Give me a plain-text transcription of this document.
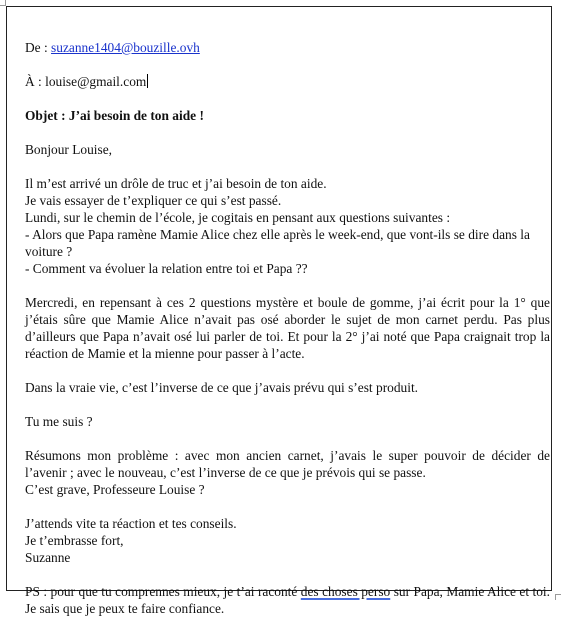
De : suzanne1404@bouzille.ovh

À : louise@gmail.com

Objet : J’ai besoin de ton aide !

Bonjour Louise,

Il m’est arrivé un drôle de truc et j’ai besoin de ton aide.
Je vais essayer de t’expliquer ce qui s’est passé.
Lundi, sur le chemin de l’école, je cogitais en pensant aux questions suivantes :
- Alors que Papa ramène Mamie Alice chez elle après le week-end, que vont-ils se dire dans la voiture ?
- Comment va évoluer la relation entre toi et Papa ??

Mercredi, en repensant à ces 2 questions mystère et boule de gomme, j’ai écrit pour la 1° que j’étais sûre que Mamie Alice n’avait pas osé aborder le sujet de mon carnet perdu. Pas plus d’ailleurs que Papa n’avait osé lui parler de toi. Et pour la 2° j’ai noté que Papa craignait trop la réaction de Mamie et la mienne pour passer à l’acte.

Dans la vraie vie, c’est l’inverse de ce que j’avais prévu qui s’est produit.

Tu me suis ?

Résumons mon problème : avec mon ancien carnet, j’avais le super pouvoir de décider de l’avenir ; avec le nouveau, c’est l’inverse de ce que je prévois qui se passe.
C’est grave, Professeure Louise ?

J’attends vite ta réaction et tes conseils.
Je t’embrasse fort,
Suzanne

PS : pour que tu comprennes mieux, je t’ai raconté des choses perso sur Papa, Mamie Alice et toi. Je sais que je peux te faire confiance.
